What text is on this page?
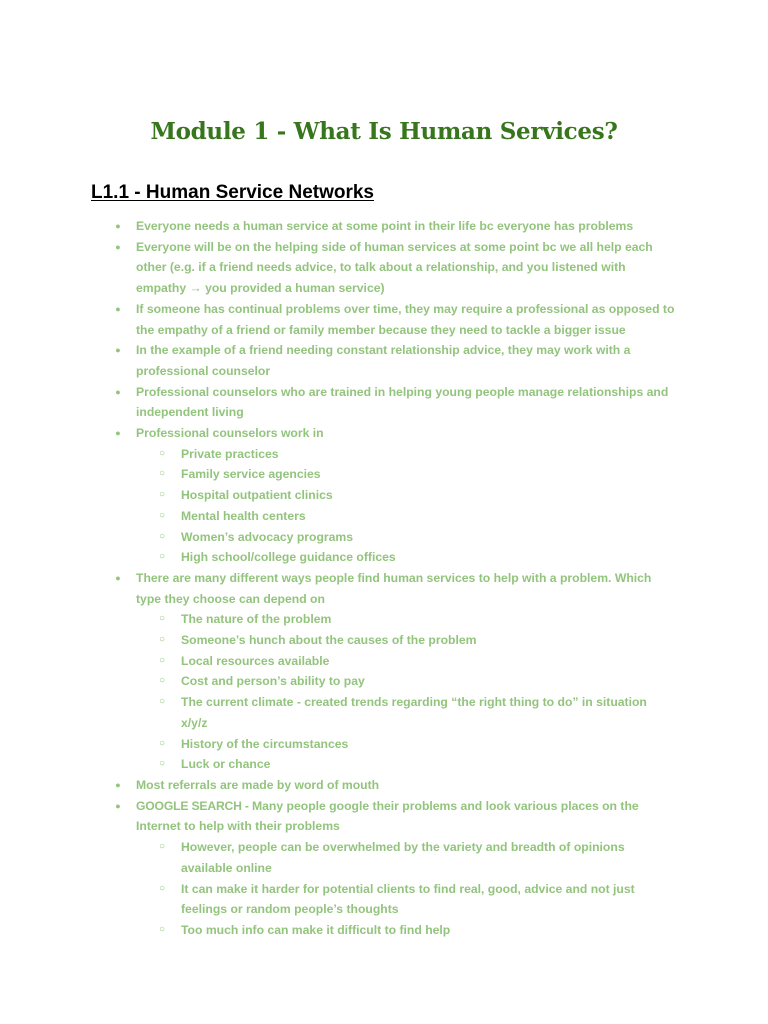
Module 1 - What Is Human Services?
L1.1 - Human Service Networks
● Everyone needs a human service at some point in their life bc everyone has problems
● Everyone will be on the helping side of human services at some point bc we all help each other (e.g. if a friend needs advice, to talk about a relationship, and you listened with empathy → you provided a human service)
● If someone has continual problems over time, they may require a professional as opposed to the empathy of a friend or family member because they need to tackle a bigger issue
● In the example of a friend needing constant relationship advice, they may work with a professional counselor
● Professional counselors who are trained in helping young people manage relationships and independent living
● Professional counselors work in
○ Private practices
○ Family service agencies
○ Hospital outpatient clinics
○ Mental health centers
○ Women’s advocacy programs
○ High school/college guidance offices
● There are many different ways people find human services to help with a problem. Which type they choose can depend on
○ The nature of the problem
○ Someone’s hunch about the causes of the problem
○ Local resources available
○ Cost and person’s ability to pay
○ The current climate - created trends regarding “the right thing to do” in situation x/y/z
○ History of the circumstances
○ Luck or chance
● Most referrals are made by word of mouth
● GOOGLE SEARCH - Many people google their problems and look various places on the Internet to help with their problems
○ However, people can be overwhelmed by the variety and breadth of opinions available online
○ It can make it harder for potential clients to find real, good, advice and not just feelings or random people’s thoughts
○ Too much info can make it difficult to find help
